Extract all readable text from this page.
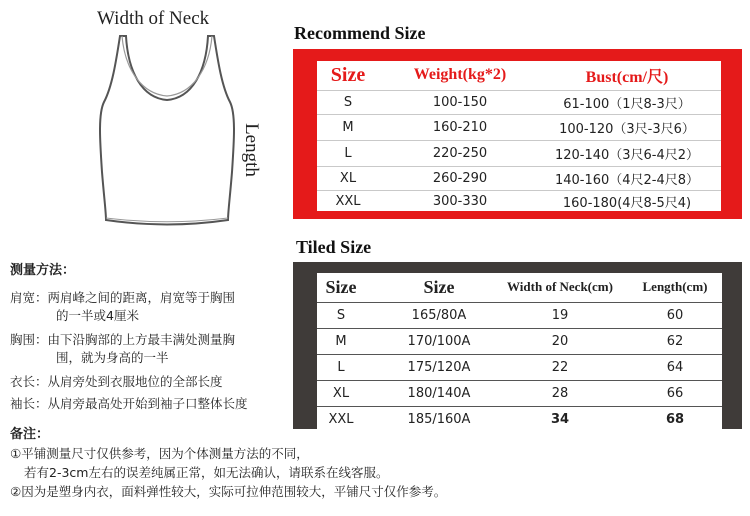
Width of Neck
Length
Recommend Size
Size	Weight(kg*2)	Bust(cm/尺)
S	100-150	61-100（1尺8-3尺）
M	160-210	100-120（3尺-3尺6）
L	220-250	120-140（3尺6-4尺2）
XL	260-290	140-160（4尺2-4尺8）
XXL	300-330	160-180(4尺8-5尺4)
Tiled Size
Size	Size	Width of Neck(cm)	Length(cm)
S	165/80A	19	60
M	170/100A	20	62
L	175/120A	22	64
XL	180/140A	28	66
XXL	185/160A	34	68
测量方法：
肩宽：两肩峰之间的距离，肩宽等于胸围
的一半或4厘米
胸围：由下沿胸部的上方最丰满处测量胸
围，就为身高的一半
衣长：从肩旁处到衣服地位的全部长度
袖长：从肩旁最高处开始到袖子口整体长度
备注：
①平铺测量尺寸仅供参考，因为个体测量方法的不同，
若有2-3cm左右的误差纯属正常，如无法确认，请联系在线客服。
②因为是塑身内衣，面料弹性较大，实际可拉伸范围较大，平铺尺寸仅作参考。
